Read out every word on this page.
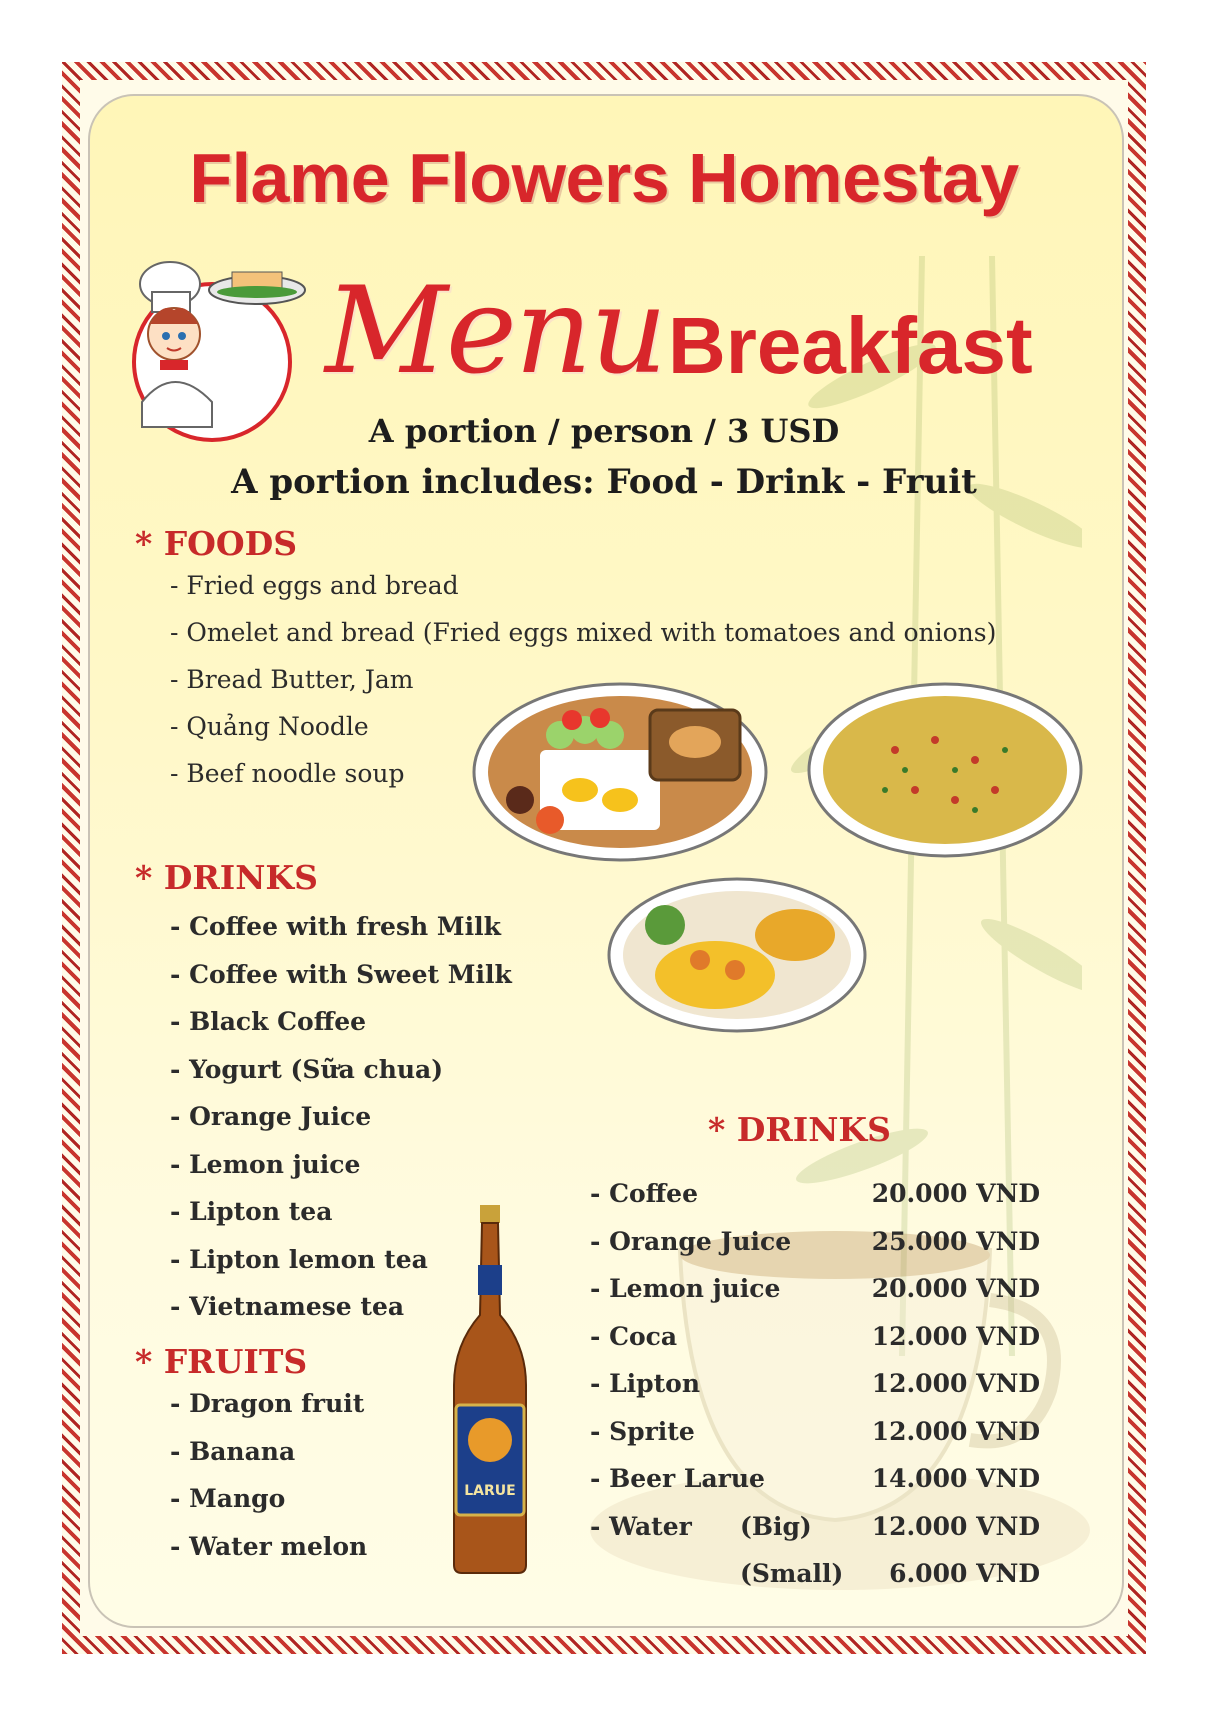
Flame Flowers Homestay
Menu Breakfast
A portion / person / 3 USD
A portion includes: Food - Drink - Fruit
* FOODS
- Fried eggs and bread
- Omelet and bread (Fried eggs mixed with tomatoes and onions)
- Bread Butter, Jam
- Quảng Noodle
- Beef noodle soup
* DRINKS
- Coffee with fresh Milk
- Coffee with Sweet Milk
- Black Coffee
- Yogurt (Sữa chua)
- Orange Juice
- Lemon juice
- Lipton tea
- Lipton lemon tea
- Vietnamese tea
* FRUITS
- Dragon fruit
- Banana
- Mango
- Water melon
LARUE
* DRINKS
- Coffee	20.000 VND
- Orange Juice	25.000 VND
- Lemon juice	20.000 VND
- Coca	12.000 VND
- Lipton	12.000 VND
- Sprite	12.000 VND
- Beer Larue	14.000 VND
- Water (Big) 12.000 VND
(Small) 6.000 VND
